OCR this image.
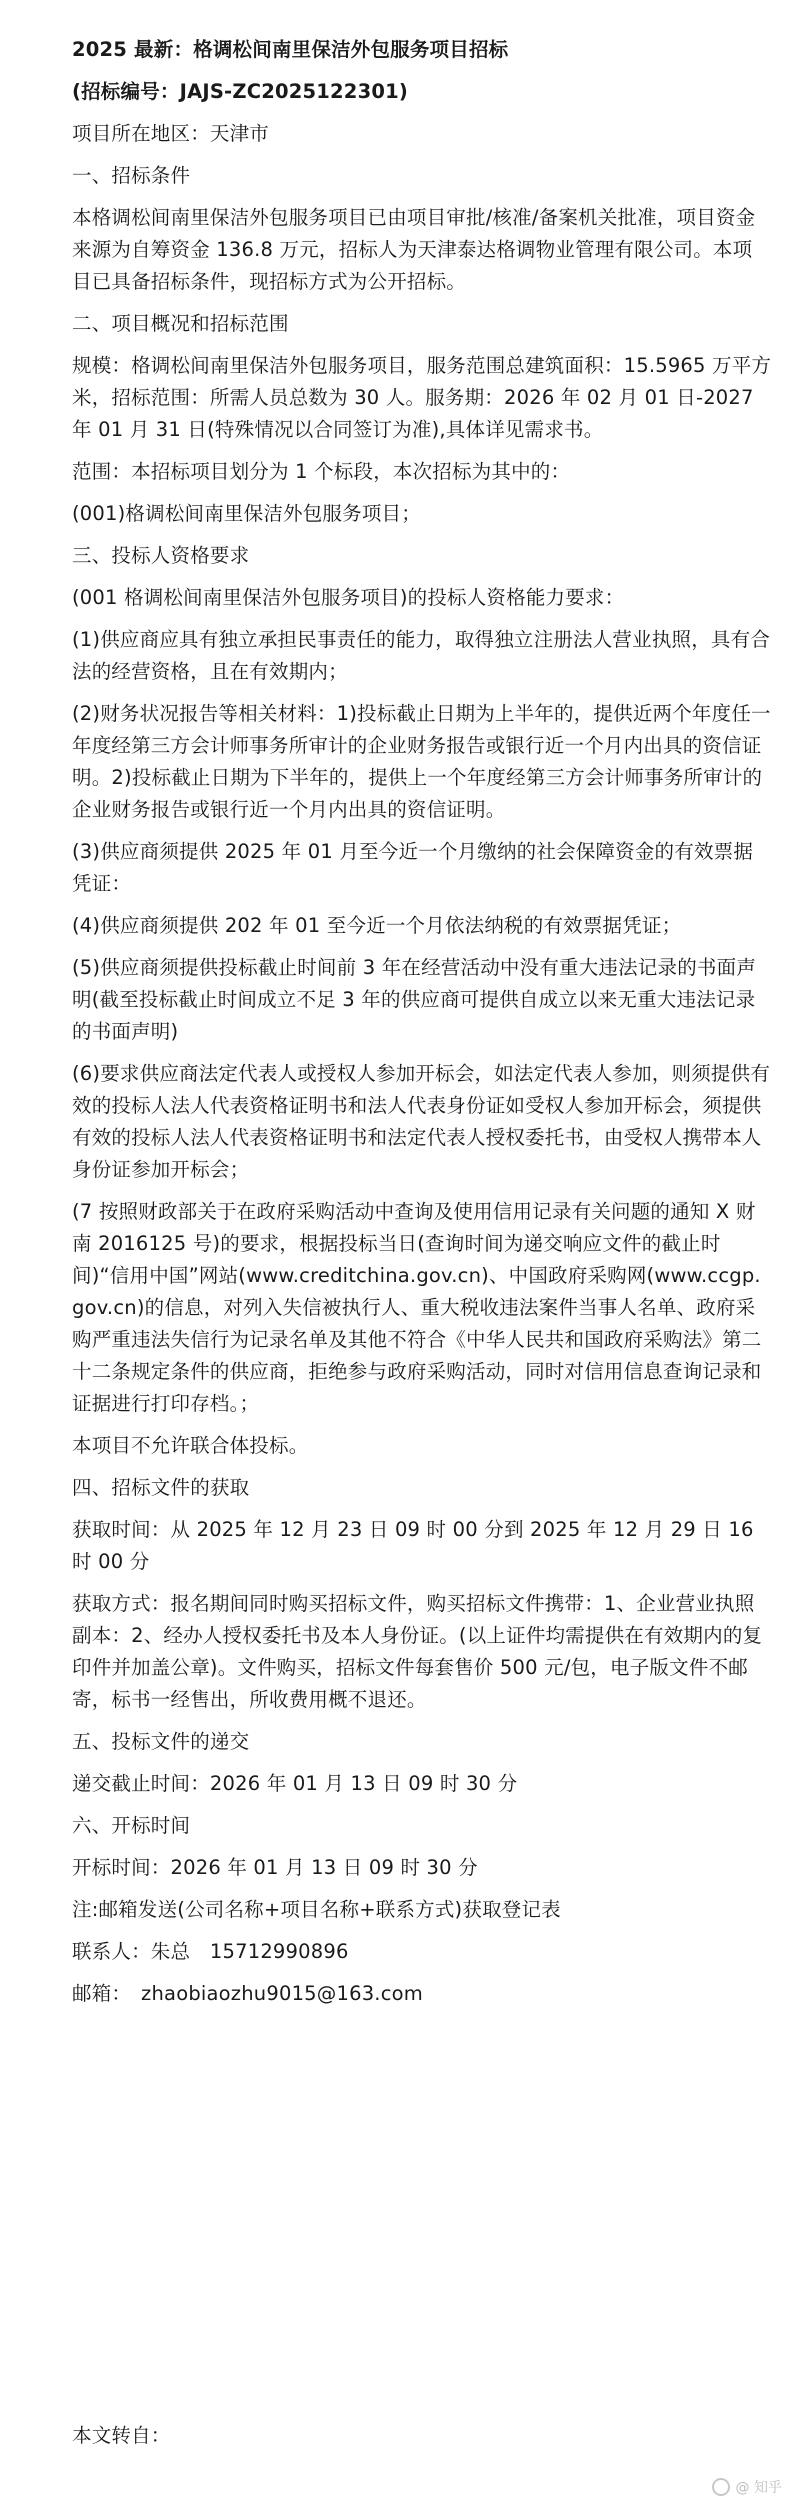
2025 最新：格调松间南里保洁外包服务项目招标
(招标编号：JAJS-ZC2025122301)
项目所在地区：天津市
一、招标条件
本格调松间南里保洁外包服务项目已由项目审批/核准/备案机关批准，项目资金来源为自筹资金 136.8 万元，招标人为天津泰达格调物业管理有限公司。本项目已具备招标条件，现招标方式为公开招标。
二、项目概况和招标范围
规模：格调松间南里保洁外包服务项目，服务范围总建筑面积：15.5965 万平方米，招标范围：所需人员总数为 30 人。服务期：2026 年 02 月 01 日-2027 年 01 月 31 日(特殊情况以合同签订为准),具体详见需求书。
范围：本招标项目划分为 1 个标段，本次招标为其中的：
(001)格调松间南里保洁外包服务项目；
三、投标人资格要求
(001 格调松间南里保洁外包服务项目)的投标人资格能力要求：
(1)供应商应具有独立承担民事责任的能力，取得独立注册法人营业执照，具有合法的经营资格，且在有效期内；
(2)财务状况报告等相关材料：1)投标截止日期为上半年的，提供近两个年度任一年度经第三方会计师事务所审计的企业财务报告或银行近一个月内出具的资信证明。2)投标截止日期为下半年的，提供上一个年度经第三方会计师事务所审计的企业财务报告或银行近一个月内出具的资信证明。
(3)供应商须提供 2025 年 01 月至今近一个月缴纳的社会保障资金的有效票据凭证：
(4)供应商须提供 202 年 01 至今近一个月依法纳税的有效票据凭证；
(5)供应商须提供投标截止时间前 3 年在经营活动中没有重大违法记录的书面声明(截至投标截止时间成立不足 3 年的供应商可提供自成立以来无重大违法记录的书面声明)
(6)要求供应商法定代表人或授权人参加开标会，如法定代表人参加，则须提供有效的投标人法人代表资格证明书和法人代表身份证如受权人参加开标会，须提供有效的投标人法人代表资格证明书和法定代表人授权委托书，由受权人携带本人身份证参加开标会；
(7 按照财政部关于在政府采购活动中查询及使用信用记录有关问题的通知 X 财南 2016125 号)的要求，根据投标当日(查询时间为递交响应文件的截止时间)“信用中国”网站(www.creditchina.gov.cn)、中国政府采购网(www.ccgp.gov.cn)的信息，对列入失信被执行人、重大税收违法案件当事人名单、政府采购严重违法失信行为记录名单及其他不符合《中华人民共和国政府采购法》第二十二条规定条件的供应商，拒绝参与政府采购活动，同时对信用信息查询记录和证据进行打印存档。；
本项目不允许联合体投标。
四、招标文件的获取
获取时间：从 2025 年 12 月 23 日 09 时 00 分到 2025 年 12 月 29 日 16 时 00 分
获取方式：报名期间同时购买招标文件，购买招标文件携带：1、企业营业执照副本：2、经办人授权委托书及本人身份证。(以上证件均需提供在有效期内的复印件并加盖公章)。文件购买，招标文件每套售价 500 元/包，电子版文件不邮寄，标书一经售出，所收费用概不退还。
五、投标文件的递交
递交截止时间：2026 年 01 月 13 日 09 时 30 分
六、开标时间
开标时间：2026 年 01 月 13 日 09 时 30 分
注:邮箱发送(公司名称+项目名称+联系方式)获取登记表
联系人：朱总　15712990896
邮箱：　zhaobiaozhu9015@163.com
本文转自：
@ 知乎
